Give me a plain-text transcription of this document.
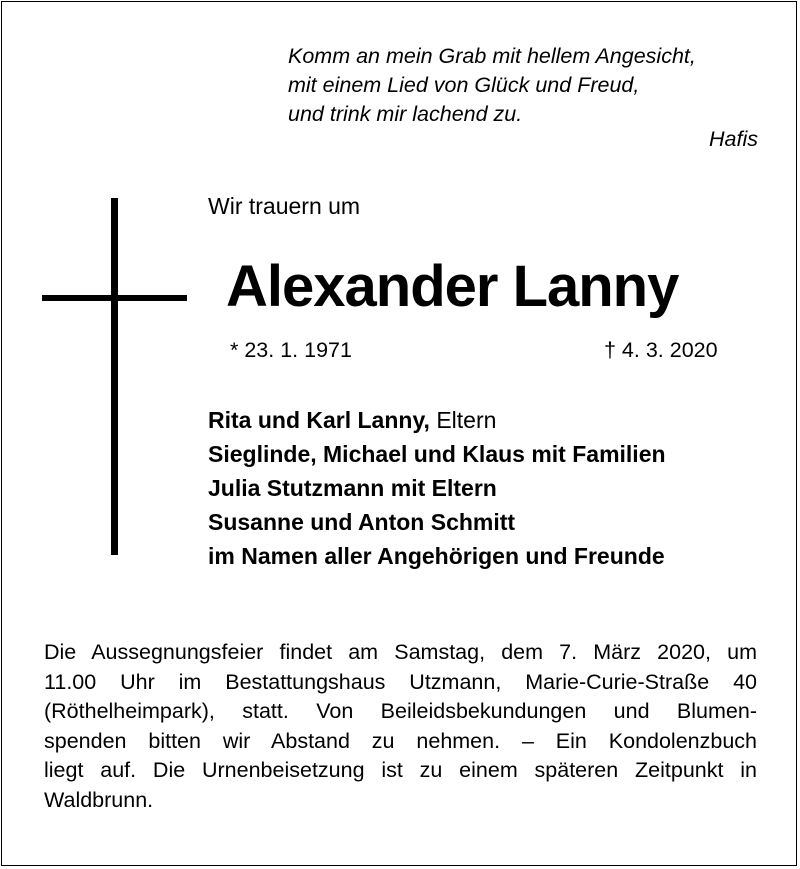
Komm an mein Grab mit hellem Angesicht,
mit einem Lied von Glück und Freud,
und trink mir lachend zu.
Hafis
Wir trauern um
Alexander Lanny
* 23. 1. 1971	† 4. 3. 2020
Rita und Karl Lanny, Eltern
Sieglinde, Michael und Klaus mit Familien
Julia Stutzmann mit Eltern
Susanne und Anton Schmitt
im Namen aller Angehörigen und Freunde
Die Aussegnungsfeier findet am Samstag, dem 7. März 2020, um
11.00 Uhr im Bestattungshaus Utzmann, Marie-Curie-Straße 40
(Röthelheimpark), statt. Von Beileidsbekundungen und Blumen-
spenden bitten wir Abstand zu nehmen. – Ein Kondolenzbuch
liegt auf. Die Urnenbeisetzung ist zu einem späteren Zeitpunkt in
Waldbrunn.
